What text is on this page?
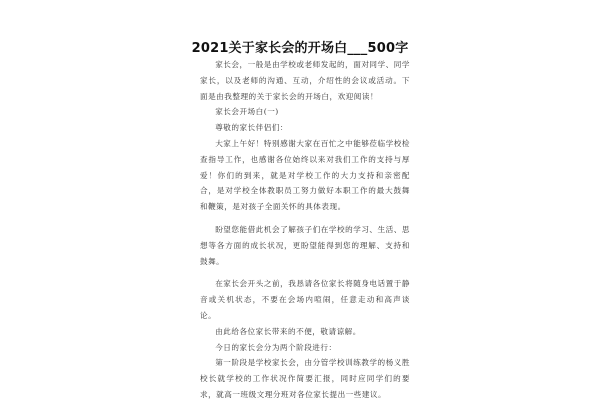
2021关于家长会的开场白___500字

家长会，一般是由学校或老师发起的，面对同学、同学家长，以及老师的沟通、互动，介绍性的会议或活动。下面是由我整理的关于家长会的开场白，欢迎阅读！

家长会开场白(一)

尊敬的家长伴侣们：

大家上午好！特别感谢大家在百忙之中能够莅临学校检查指导工作，也感谢各位始终以来对我们工作的支持与厚爱！你们的到来，就是对学校工作的大力支持和亲密配合，是对学校全体教职员工努力做好本职工作的最大鼓舞和鞭策，是对孩子全面关怀的具体表现。

盼望您能借此机会了解孩子们在学校的学习、生活、思想等各方面的成长状况，更盼望能得到您的理解、支持和鼓舞。

在家长会开头之前，我恳请各位家长将随身电话置于静音或关机状态，不要在会场内喧闹，任意走动和高声谈论。

由此给各位家长带来的不便，敬请谅解。

今日的家长会分为两个阶段进行：

第一阶段是学校家长会，由分管学校训练教学的杨义胜校长就学校的工作状况作简要汇报，同时应同学们的要求，就高一班级文理分班对各位家长提出一些建议。
